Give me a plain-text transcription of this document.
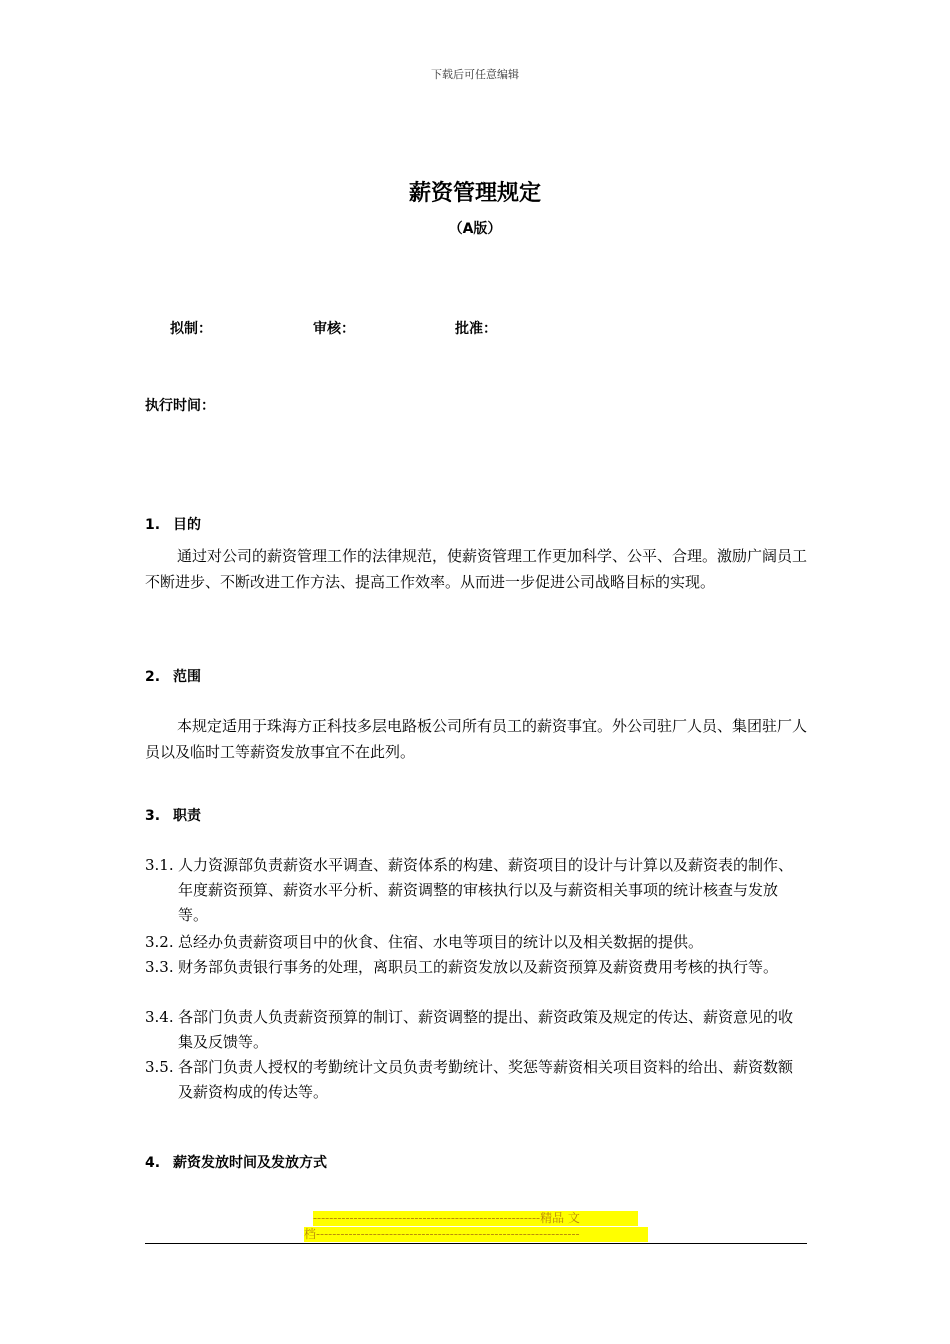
下载后可任意编辑
薪资管理规定
（A版）
拟制：	审核：	批准：
执行时间：
1. 目的
通过对公司的薪资管理工作的法律规范，使薪资管理工作更加科学、公平、合理。激励广阔员工不断进步、不断改进工作方法、提高工作效率。从而进一步促进公司战略目标的实现。
2. 范围
本规定适用于珠海方正科技多层电路板公司所有员工的薪资事宜。外公司驻厂人员、集团驻厂人员以及临时工等薪资发放事宜不在此列。
3. 职责
3.1. 人力资源部负责薪资水平调查、薪资体系的构建、薪资项目的设计与计算以及薪资表的制作、年度薪资预算、薪资水平分析、薪资调整的审核执行以及与薪资相关事项的统计核查与发放等。
3.2. 总经办负责薪资项目中的伙食、住宿、水电等项目的统计以及相关数据的提供。
3.3. 财务部负责银行事务的处理，离职员工的薪资发放以及薪资预算及薪资费用考核的执行等。
3.4. 各部门负责人负责薪资预算的制订、薪资调整的提出、薪资政策及规定的传达、薪资意见的收集及反馈等。
3.5. 各部门负责人授权的考勤统计文员负责考勤统计、奖惩等薪资相关项目资料的给出、薪资数额及薪资构成的传达等。
4. 薪资发放时间及发放方式
--------------------------------------------------------精品 文
档-----------------------------------------------------------------
